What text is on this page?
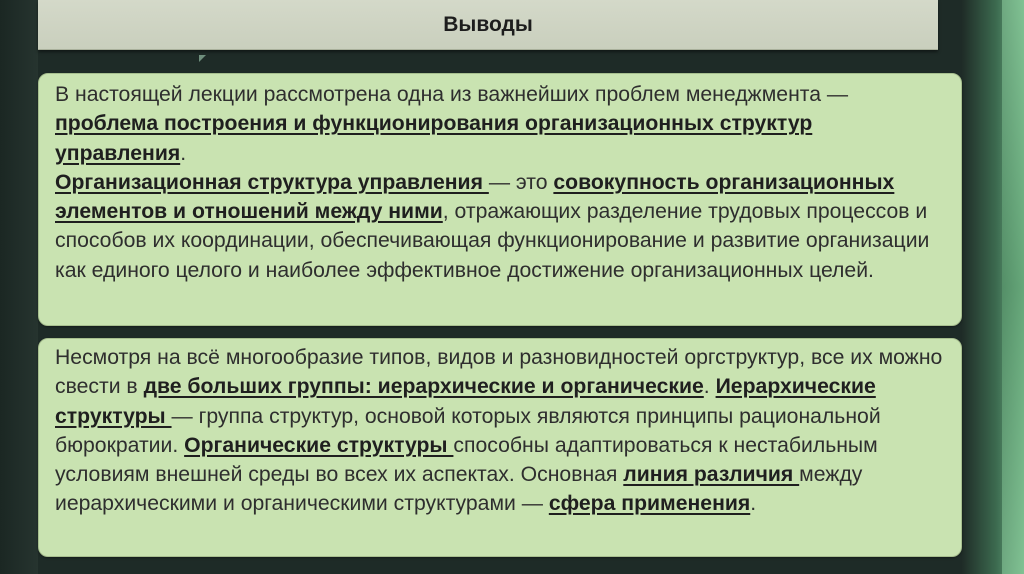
Выводы
В настоящей лекции рассмотрена одна из важнейших проблем менеджмента — проблема построения и функционирования организационных структур управления.
Организационная структура управления — это совокупность организационных элементов и отношений между ними, отражающих разделение трудовых процессов и способов их координации, обеспечивающая функционирование и развитие организации как единого целого и наиболее эффективное достижение организационных целей.
Несмотря на всё многообразие типов, видов и разновидностей оргструктур, все их можно свести в две больших группы: иерархические и органические. Иерархические структуры — группа структур, основой которых являются принципы рациональной бюрократии. Органические структуры способны адаптироваться к нестабильным условиям внешней среды во всех их аспектах. Основная линия различия между иерархическими и органическими структурами — сфера применения.
